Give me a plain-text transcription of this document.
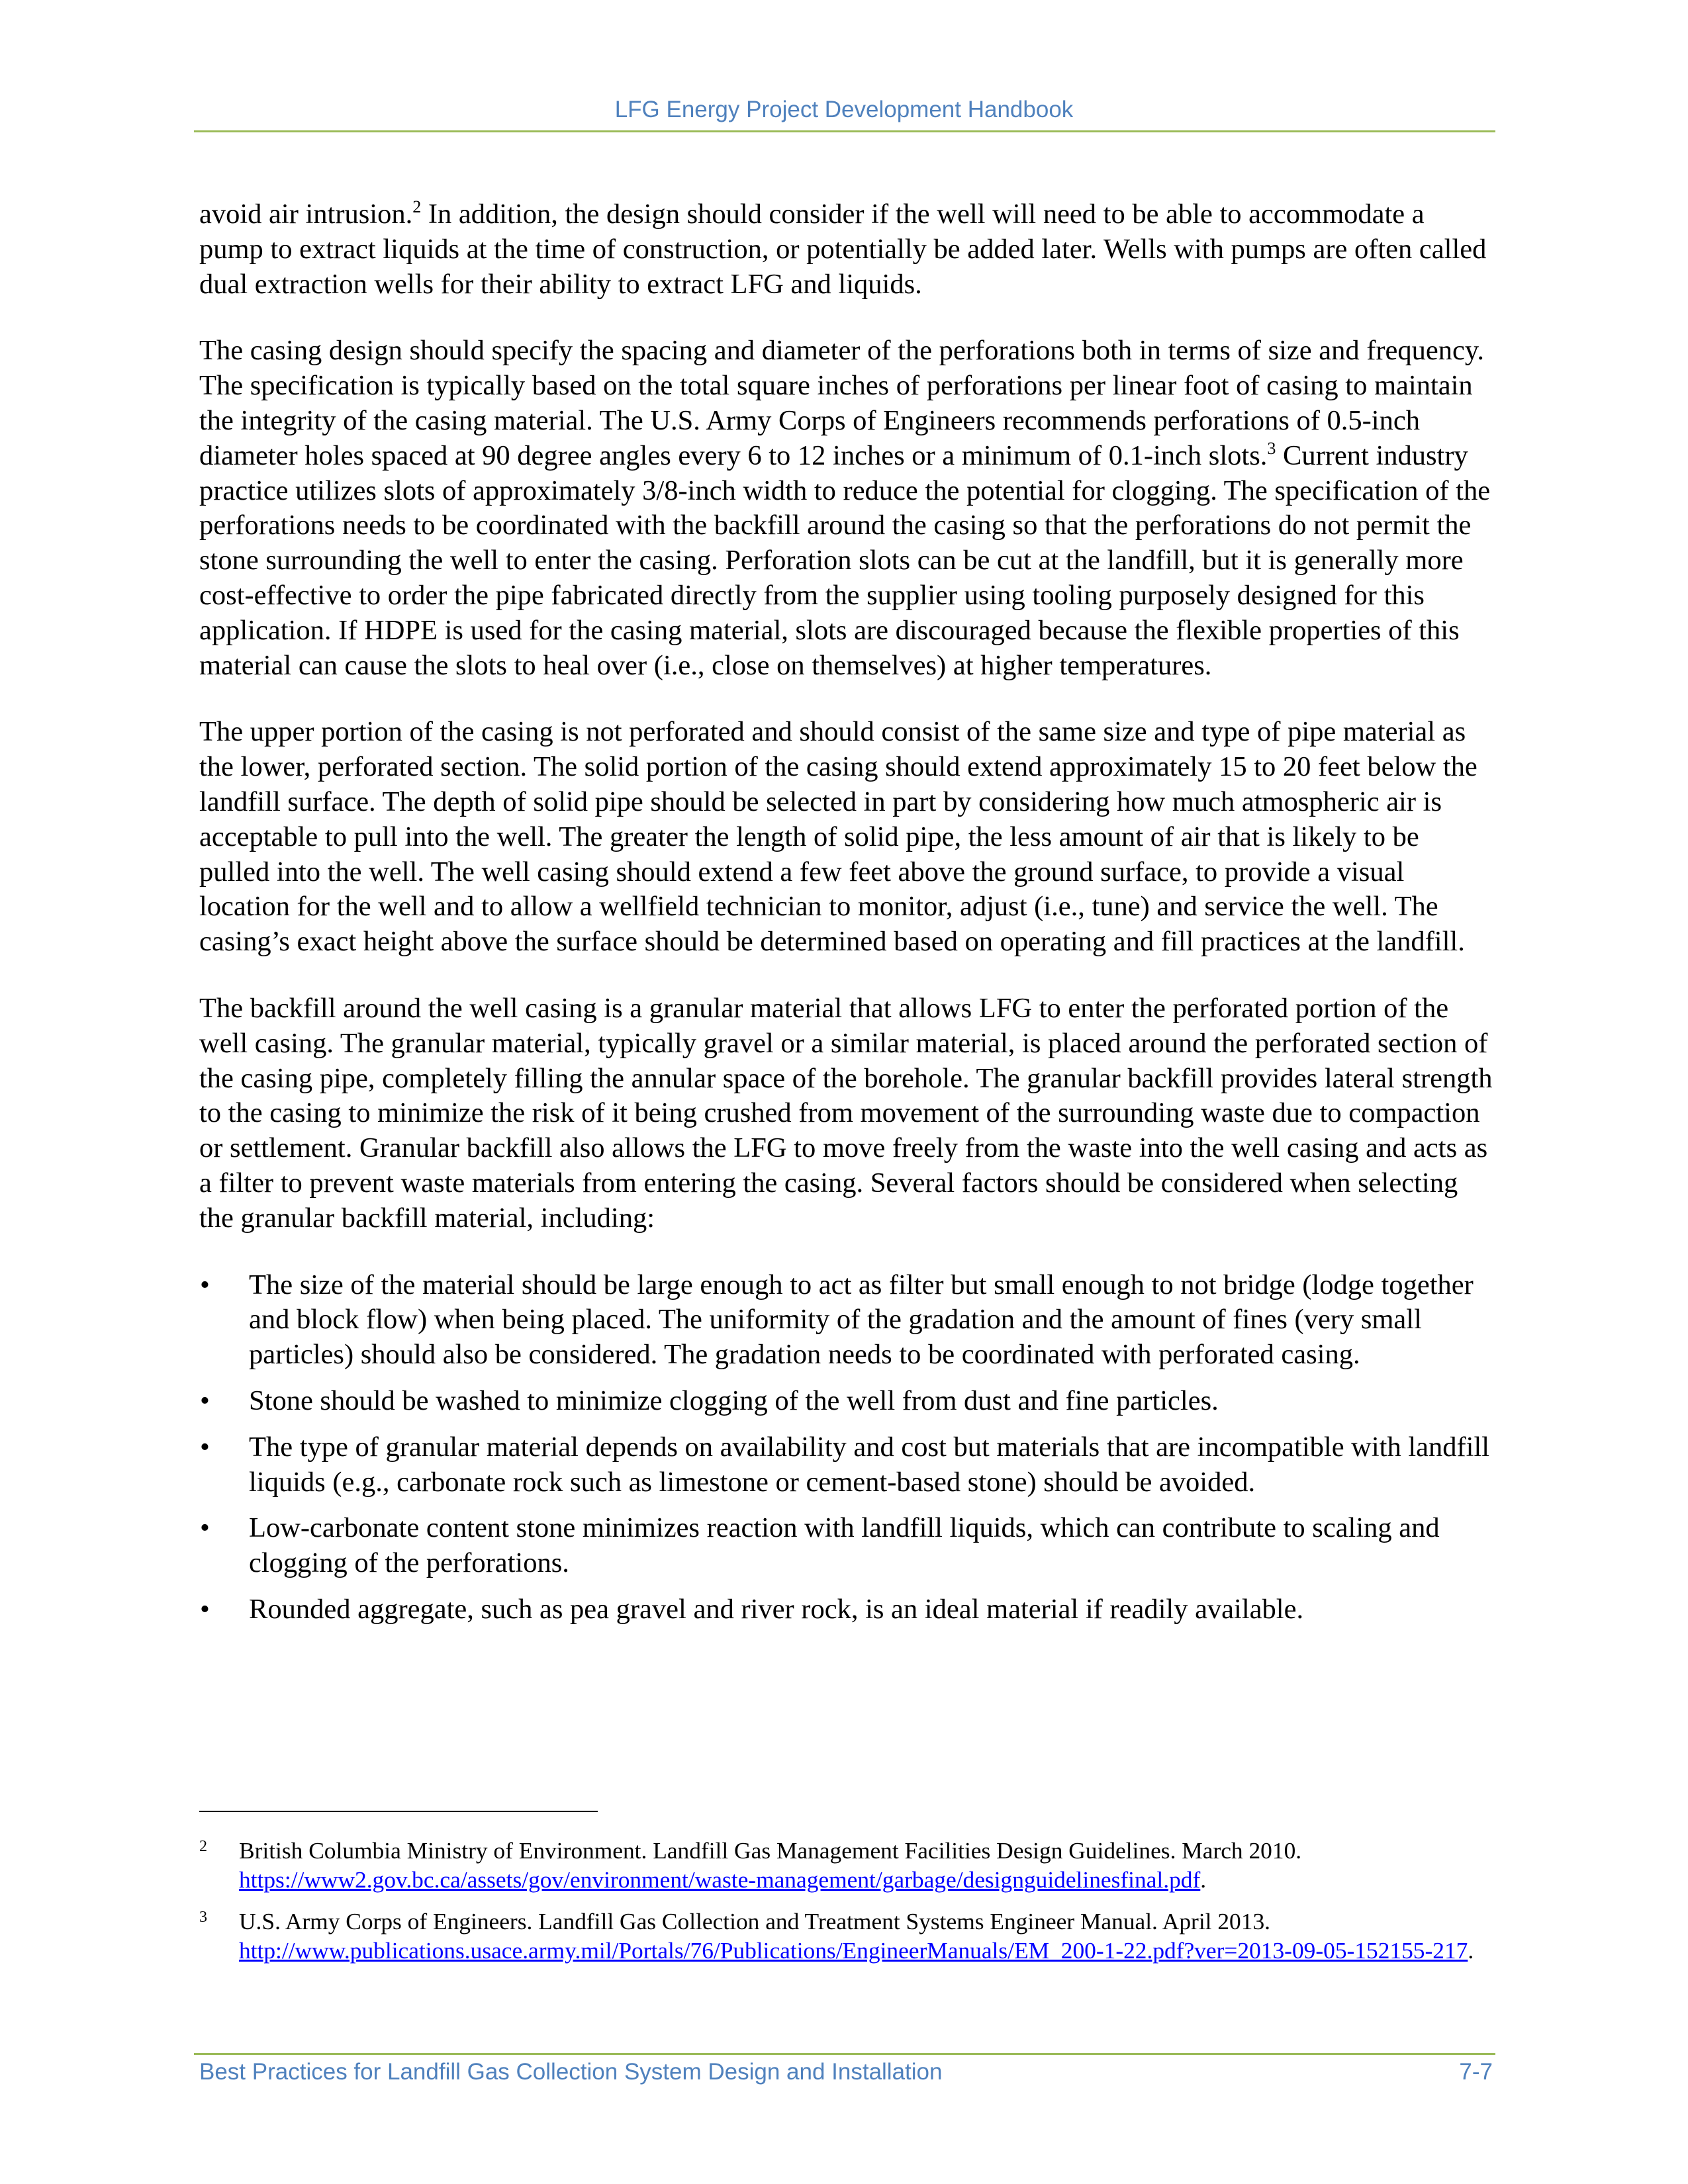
LFG Energy Project Development Handbook

avoid air intrusion.$^2$ In addition, the design should consider if the well will need to be able to accommodate a pump to extract liquids at the time of construction, or potentially be added later. Wells with pumps are often called dual extraction wells for their ability to extract LFG and liquids.

The casing design should specify the spacing and diameter of the perforations both in terms of size and frequency. The specification is typically based on the total square inches of perforations per linear foot of casing to maintain the integrity of the casing material. The U.S. Army Corps of Engineers recommends perforations of 0.5-inch diameter holes spaced at 90 degree angles every 6 to 12 inches or a minimum of 0.1-inch slots.$^3$ Current industry practice utilizes slots of approximately 3/8-inch width to reduce the potential for clogging. The specification of the perforations needs to be coordinated with the backfill around the casing so that the perforations do not permit the stone surrounding the well to enter the casing. Perforation slots can be cut at the landfill, but it is generally more cost-effective to order the pipe fabricated directly from the supplier using tooling purposely designed for this application. If HDPE is used for the casing material, slots are discouraged because the flexible properties of this material can cause the slots to heal over (i.e., close on themselves) at higher temperatures.

The upper portion of the casing is not perforated and should consist of the same size and type of pipe material as the lower, perforated section. The solid portion of the casing should extend approximately 15 to 20 feet below the landfill surface. The depth of solid pipe should be selected in part by considering how much atmospheric air is acceptable to pull into the well. The greater the length of solid pipe, the less amount of air that is likely to be pulled into the well. The well casing should extend a few feet above the ground surface, to provide a visual location for the well and to allow a wellfield technician to monitor, adjust (i.e., tune) and service the well. The casing’s exact height above the surface should be determined based on operating and fill practices at the landfill.

The backfill around the well casing is a granular material that allows LFG to enter the perforated portion of the well casing. The granular material, typically gravel or a similar material, is placed around the perforated section of the casing pipe, completely filling the annular space of the borehole. The granular backfill provides lateral strength to the casing to minimize the risk of it being crushed from movement of the surrounding waste due to compaction or settlement. Granular backfill also allows the LFG to move freely from the waste into the well casing and acts as a filter to prevent waste materials from entering the casing. Several factors should be considered when selecting the granular backfill material, including:

• The size of the material should be large enough to act as filter but small enough to not bridge (lodge together and block flow) when being placed. The uniformity of the gradation and the amount of fines (very small particles) should also be considered. The gradation needs to be coordinated with perforated casing.
• Stone should be washed to minimize clogging of the well from dust and fine particles.
• The type of granular material depends on availability and cost but materials that are incompatible with landfill liquids (e.g., carbonate rock such as limestone or cement-based stone) should be avoided.
• Low-carbonate content stone minimizes reaction with landfill liquids, which can contribute to scaling and clogging of the perforations.
• Rounded aggregate, such as pea gravel and river rock, is an ideal material if readily available.
2 British Columbia Ministry of Environment. Landfill Gas Management Facilities Design Guidelines. March 2010.
https://www2.gov.bc.ca/assets/gov/environment/waste-management/garbage/designguidelinesfinal.pdf.
3 U.S. Army Corps of Engineers. Landfill Gas Collection and Treatment Systems Engineer Manual. April 2013.
http://www.publications.usace.army.mil/Portals/76/Publications/EngineerManuals/EM_200-1-22.pdf?ver=2013-09-05-152155-217.
Best Practices for Landfill Gas Collection System Design and Installation	7-7
